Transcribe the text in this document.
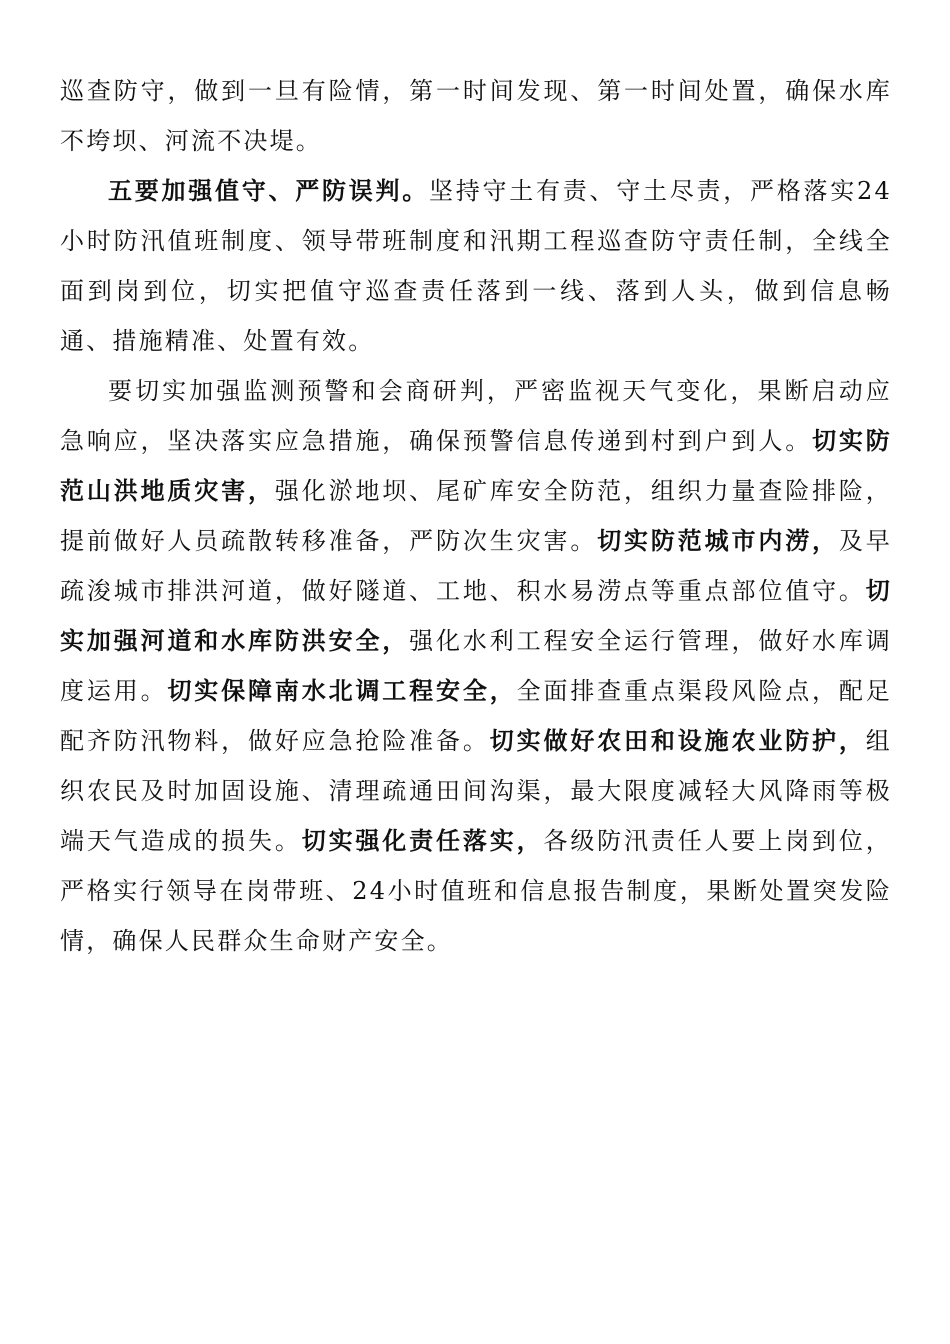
巡查防守，做到一旦有险情，第一时间发现、第一时间处置，确保水库不垮坝、河流不决堤。

五要加强值守、严防误判。坚持守土有责、守土尽责，严格落实24小时防汛值班制度、领导带班制度和汛期工程巡查防守责任制，全线全面到岗到位，切实把值守巡查责任落到一线、落到人头，做到信息畅通、措施精准、处置有效。

要切实加强监测预警和会商研判，严密监视天气变化，果断启动应急响应，坚决落实应急措施，确保预警信息传递到村到户到人。切实防范山洪地质灾害，强化淤地坝、尾矿库安全防范，组织力量查险排险，提前做好人员疏散转移准备，严防次生灾害。切实防范城市内涝，及早疏浚城市排洪河道，做好隧道、工地、积水易涝点等重点部位值守。切实加强河道和水库防洪安全，强化水利工程安全运行管理，做好水库调度运用。切实保障南水北调工程安全，全面排查重点渠段风险点，配足配齐防汛物料，做好应急抢险准备。切实做好农田和设施农业防护，组织农民及时加固设施、清理疏通田间沟渠，最大限度减轻大风降雨等极端天气造成的损失。切实强化责任落实，各级防汛责任人要上岗到位，严格实行领导在岗带班、24小时值班和信息报告制度，果断处置突发险情，确保人民群众生命财产安全。
